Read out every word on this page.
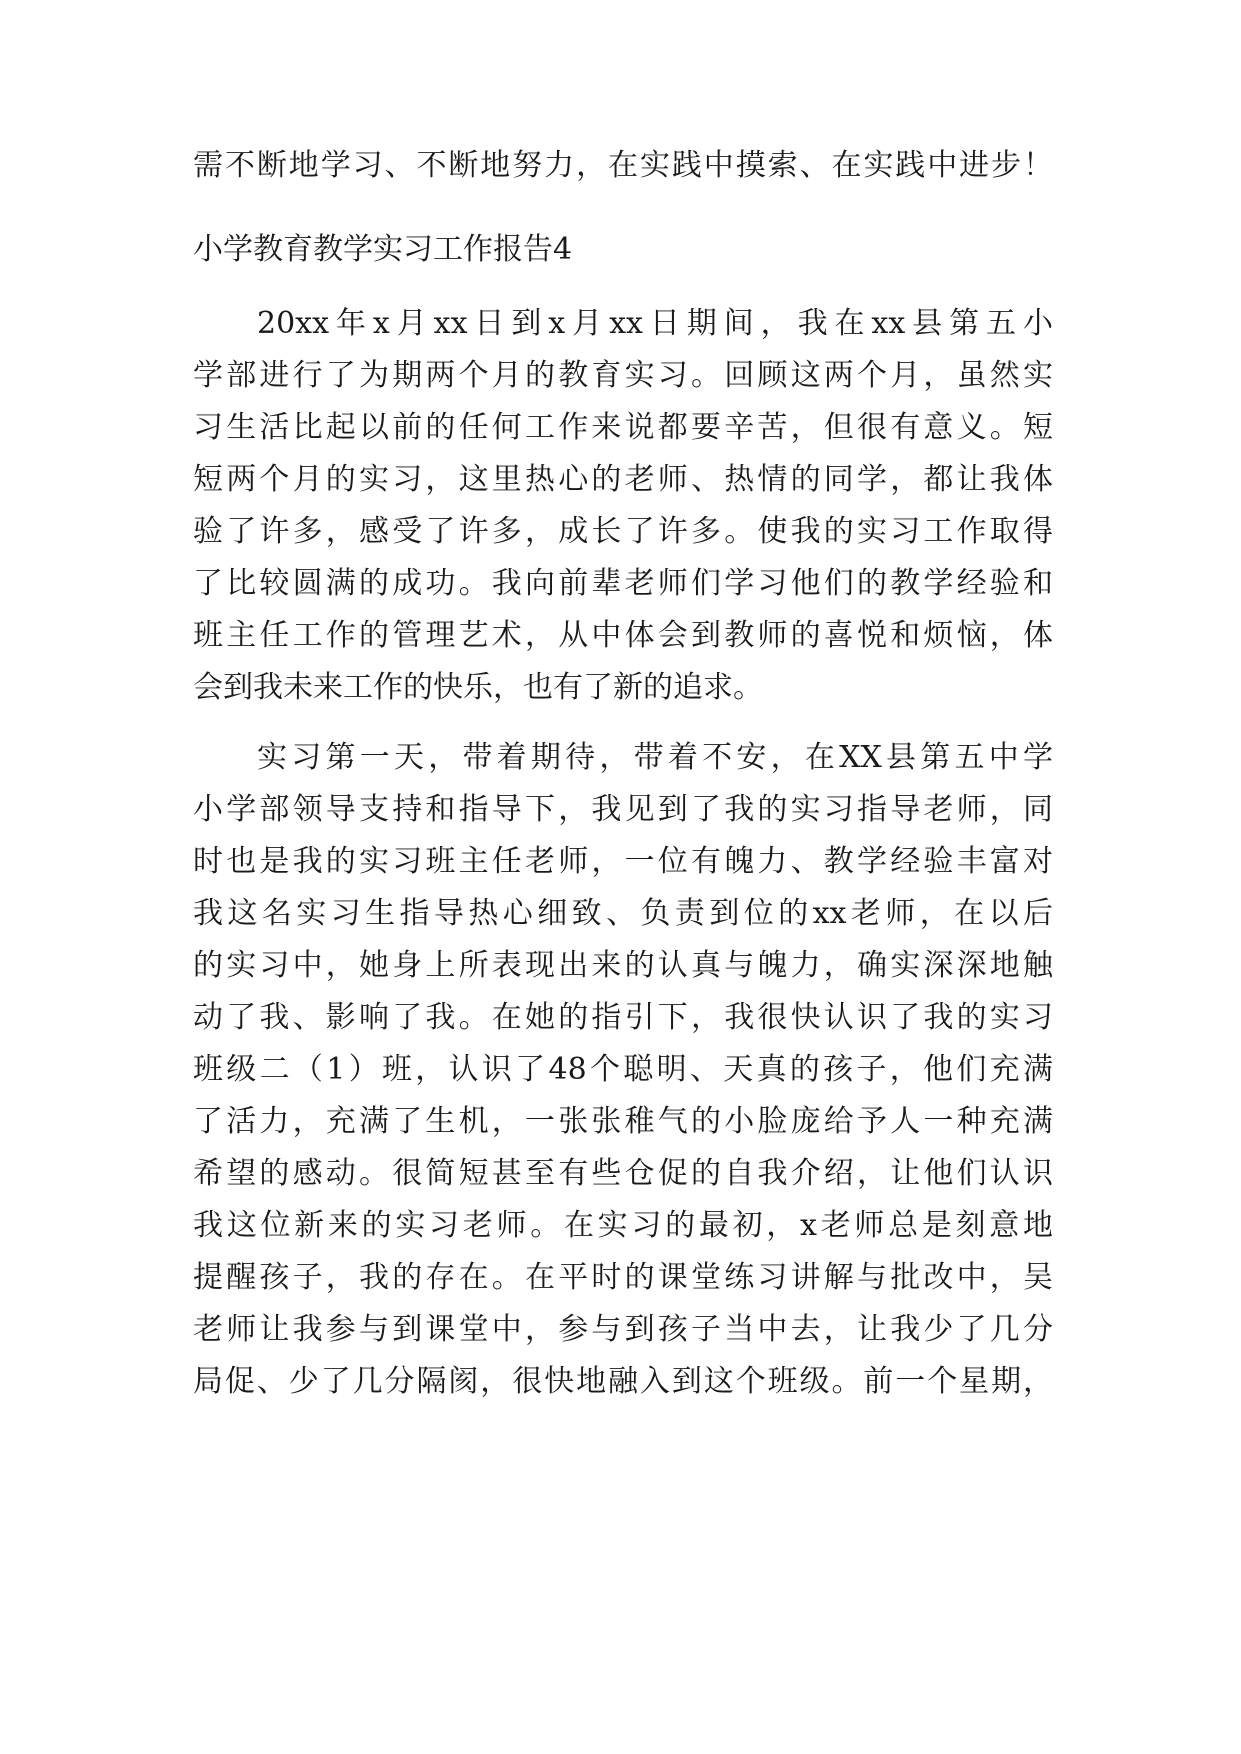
需不断地学习、不断地努力，在实践中摸索、在实践中进步！
小学教育教学实习工作报告4
20xx年x月xx日到x月xx日期间，我在xx县第五小
学部进行了为期两个月的教育实习。回顾这两个月，虽然实
习生活比起以前的任何工作来说都要辛苦，但很有意义。短
短两个月的实习，这里热心的老师、热情的同学，都让我体
验了许多，感受了许多，成长了许多。使我的实习工作取得
了比较圆满的成功。我向前辈老师们学习他们的教学经验和
班主任工作的管理艺术，从中体会到教师的喜悦和烦恼，体
会到我未来工作的快乐，也有了新的追求。
实习第一天，带着期待，带着不安，在XX县第五中学
小学部领导支持和指导下，我见到了我的实习指导老师，同
时也是我的实习班主任老师，一位有魄力、教学经验丰富对
我这名实习生指导热心细致、负责到位的xx老师，在以后
的实习中，她身上所表现出来的认真与魄力，确实深深地触
动了我、影响了我。在她的指引下，我很快认识了我的实习
班级二（1）班，认识了48个聪明、天真的孩子，他们充满
了活力，充满了生机，一张张稚气的小脸庞给予人一种充满
希望的感动。很简短甚至有些仓促的自我介绍，让他们认识
我这位新来的实习老师。在实习的最初，x老师总是刻意地
提醒孩子，我的存在。在平时的课堂练习讲解与批改中，吴
老师让我参与到课堂中，参与到孩子当中去，让我少了几分
局促、少了几分隔阂，很快地融入到这个班级。前一个星期，
